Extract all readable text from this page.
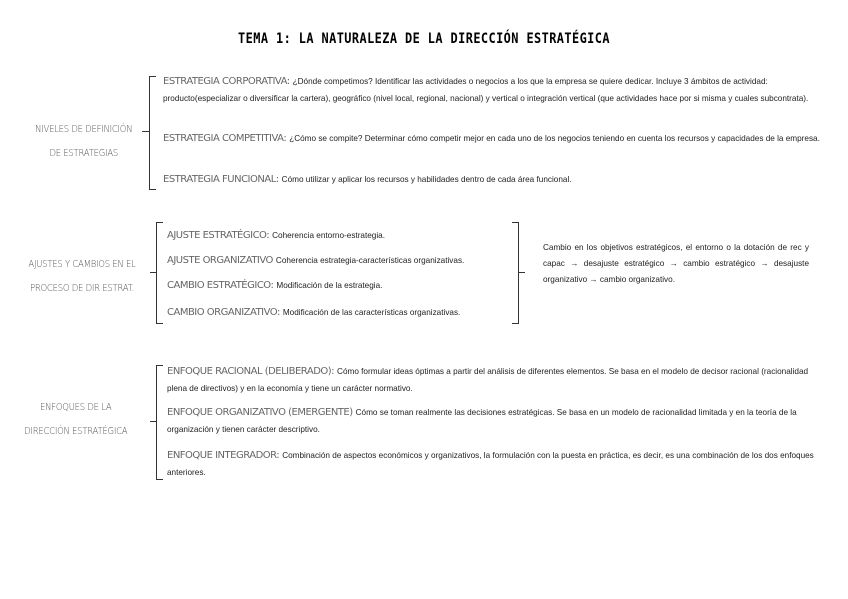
TEMA 1: LA NATURALEZA DE LA DIRECCIÓN ESTRATÉGICA
NIVELES DE DEFINICIÓN
DE ESTRATEGIAS
ESTRATEGIA CORPORATIVA: ¿Dónde competimos? Identificar las actividades o negocios a los que la empresa se quiere dedicar. Incluye 3 ámbitos de actividad: producto(especializar o diversificar la cartera), geográfico (nivel local, regional, nacional) y vertical o integración vertical (que actividades hace por si misma y cuales subcontrata).
ESTRATEGIA COMPETITIVA: ¿Cómo se compite? Determinar cómo competir mejor en cada uno de los negocios teniendo en cuenta los recursos y capacidades de la empresa.
ESTRATEGIA FUNCIONAL: Cómo utilizar y aplicar los recursos y habilidades dentro de cada área funcional.
AJUSTES Y CAMBIOS EN EL
PROCESO DE DIR ESTRAT.
AJUSTE ESTRATÉGICO: Coherencia entorno-estrategia.
AJUSTE ORGANIZATIVO Coherencia estrategia-características organizativas.
CAMBIO ESTRATÉGICO: Modificación de la estrategia.
CAMBIO ORGANIZATIVO: Modificación de las características organizativas.
Cambio en los objetivos estratégicos, el entorno o la dotación de rec y capac → desajuste estratégico → cambio estratégico → desajuste organizativo → cambio organizativo.
ENFOQUES DE LA
DIRECCIÓN ESTRATÉGICA
ENFOQUE RACIONAL (DELIBERADO): Cómo formular ideas óptimas a partir del análisis de diferentes elementos. Se basa en el modelo de decisor racional (racionalidad plena de directivos) y en la economía y tiene un carácter normativo.
ENFOQUE ORGANIZATIVO (EMERGENTE) Cómo se toman realmente las decisiones estratégicas. Se basa en un modelo de racionalidad limitada y en la teoría de la organización y tienen carácter descriptivo.
ENFOQUE INTEGRADOR: Combinación de aspectos económicos y organizativos, la formulación con la puesta en práctica, es decir, es una combinación de los dos enfoques anteriores.
